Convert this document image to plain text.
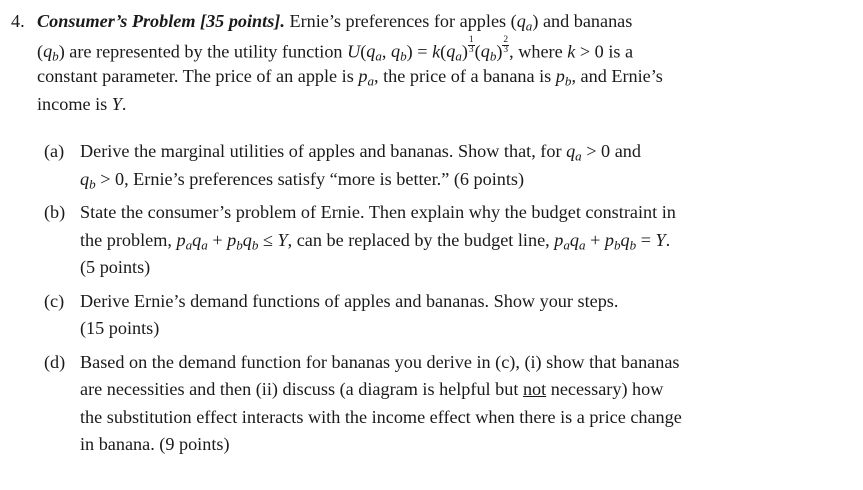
4. Consumer’s Problem [35 points]. Ernie’s preferences for apples $(q_a)$ and bananas
$(q_b)$ are represented by the utility function $U(q_a$, $q_b) = k(q_a) \frac{1}{3} (q_b) \frac{2}{3}$ , where k > 0 is a
constant parameter. The price of an apple is $p_a$, the price of a banana is $p_b$, and Ernie’s
income is Y.
(a) Derive the marginal utilities of apples and bananas. Show that, for $q_a > 0$ and
$q_b > 0$, Ernie’s preferences satisfy “more is better.” (6 points)
(b) State the consumer’s problem of Ernie. Then explain why the budget constraint in
the problem, $p_aq_a + p_bq_b \le Y$, can be replaced by the budget line, $p_aq_a + p_bq_b = Y$.
(5 points)
(c) Derive Ernie’s demand functions of apples and bananas. Show your steps.
(15 points)
(d) Based on the demand function for bananas you derive in (c), (i) show that bananas
are necessities and then (ii) discuss (a diagram is helpful but not necessary) how
the substitution effect interacts with the income effect when there is a price change
in banana. (9 points)
